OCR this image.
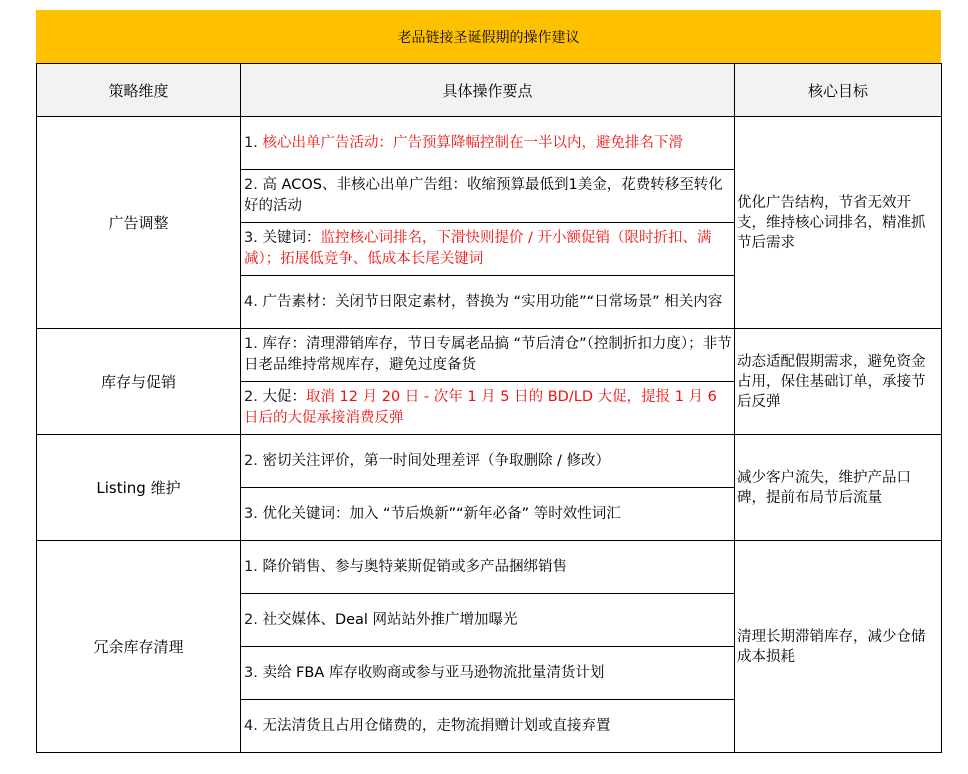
老品链接圣诞假期的操作建议
策略维度	具体操作要点	核心目标
广告调整	1. 核心出单广告活动：广告预算降幅控制在一半以内，避免排名下滑	优化广告结构，节省无效开支，维持核心词排名，精准抓节后需求
	2. 高 ACOS、非核心出单广告组：收缩预算最低到1美金，花费转移至转化好的活动	
	3. 关键词：监控核心词排名，下滑快则提价 / 开小额促销（限时折扣、满减）；拓展低竞争、低成本长尾关键词	
	4. 广告素材：关闭节日限定素材，替换为 “实用功能”“日常场景” 相关内容	
库存与促销	1. 库存：清理滞销库存，节日专属老品搞 “节后清仓”（控制折扣力度）；非节日老品维持常规库存，避免过度备货	动态适配假期需求，避免资金占用，保住基础订单，承接节后反弹
	2. 大促：取消 12 月 20 日 - 次年 1 月 5 日的 BD/LD 大促，提报 1 月 6 日后的大促承接消费反弹	
Listing 维护	2. 密切关注评价，第一时间处理差评（争取删除 / 修改）	减少客户流失，维护产品口碑，提前布局节后流量
	3. 优化关键词：加入 “节后焕新”“新年必备” 等时效性词汇	
冗余库存清理	1. 降价销售、参与奥特莱斯促销或多产品捆绑销售	清理长期滞销库存，减少仓储成本损耗
	2. 社交媒体、Deal 网站站外推广增加曝光	
	3. 卖给 FBA 库存收购商或参与亚马逊物流批量清货计划	
	4. 无法清货且占用仓储费的，走物流捐赠计划或直接弃置	
